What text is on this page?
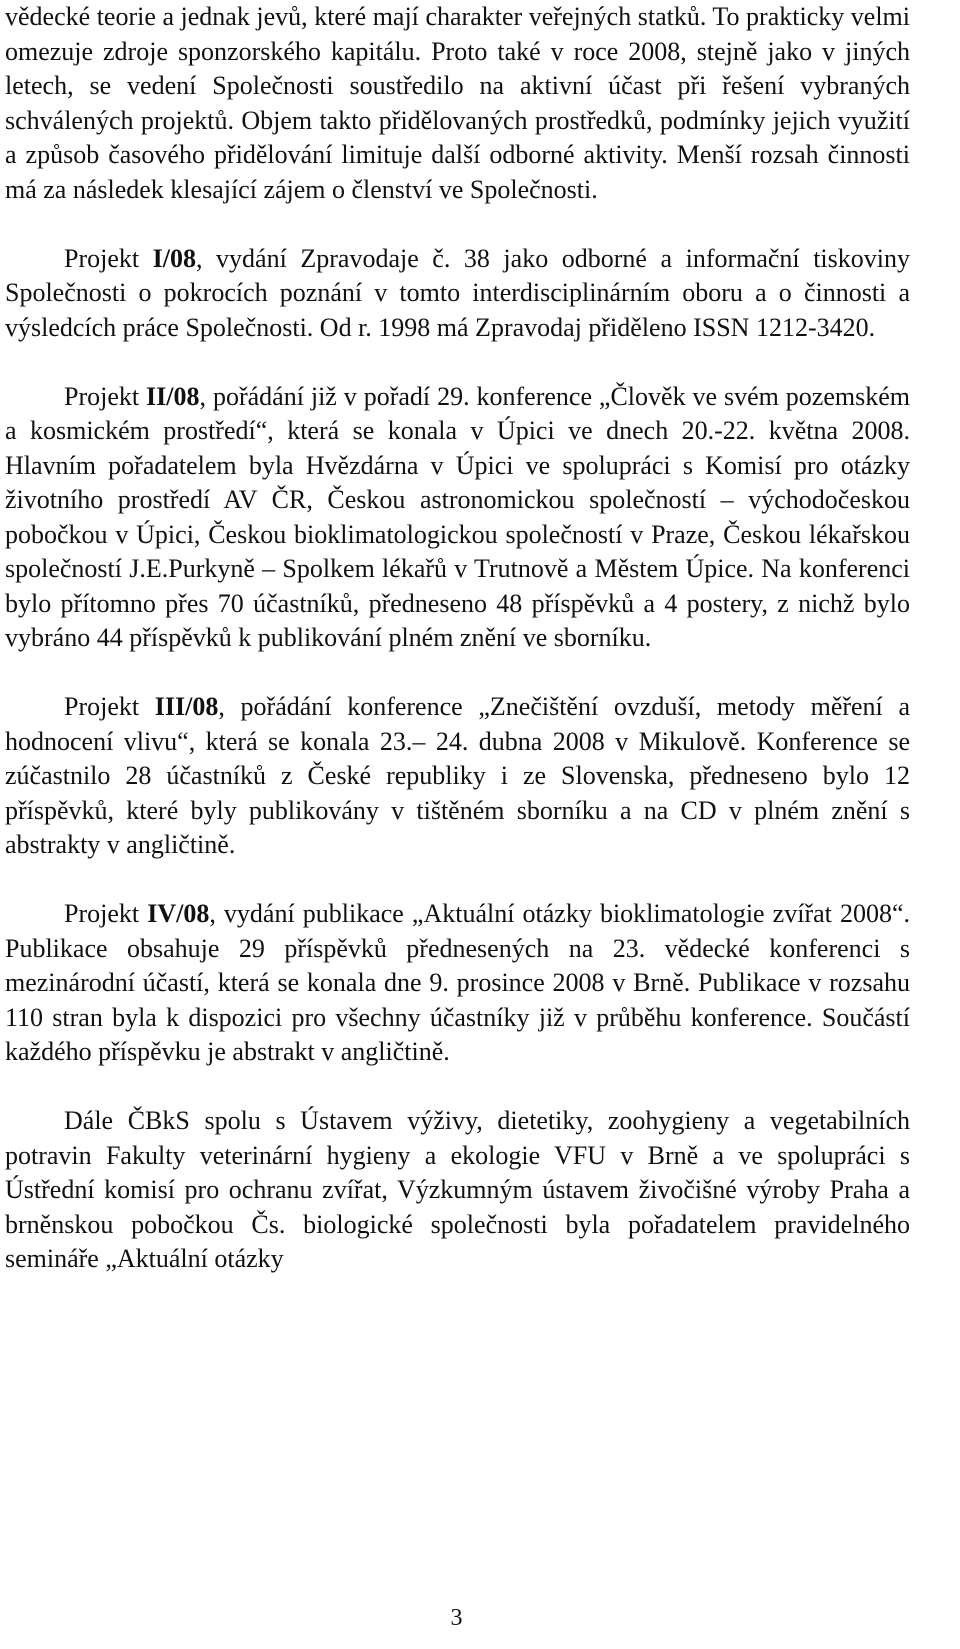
vědecké teorie a jednak jevů, které mají charakter veřejných statků. To prakticky velmi omezuje zdroje sponzorského kapitálu. Proto také v roce 2008, stejně jako v jiných letech, se vedení Společnosti soustředilo na aktivní účast při řešení vybraných schválených projektů. Objem takto přidělovaných prostředků, podmínky jejich využití a způsob časového přidělování limituje další odborné aktivity. Menší rozsah činnosti má za následek klesající zájem o členství ve Společnosti.

Projekt I/08, vydání Zpravodaje č. 38 jako odborné a informační tiskoviny Společnosti o pokrocích poznání v tomto interdisciplinárním oboru a o činnosti a výsledcích práce Společnosti. Od r. 1998 má Zpravodaj přiděleno ISSN 1212-3420.

Projekt II/08, pořádání již v pořadí 29. konference „Člověk ve svém pozemském a kosmickém prostředí“, která se konala v Úpici ve dnech 20.-22. května 2008. Hlavním pořadatelem byla Hvězdárna v Úpici ve spolupráci s Komisí pro otázky životního prostředí AV ČR, Českou astronomickou společností – východočeskou pobočkou v Úpici, Českou bioklimatologickou společností v Praze, Českou lékařskou společností J.E.Purkyně – Spolkem lékařů v Trutnově a Městem Úpice. Na konferenci bylo přítomno přes 70 účastníků, předneseno 48 příspěvků a 4 postery, z nichž bylo vybráno 44 příspěvků k publikování plném znění ve sborníku.

Projekt III/08, pořádání konference „Znečištění ovzduší, metody měření a hodnocení vlivu“, která se konala 23.– 24. dubna 2008 v Mikulově. Konference se zúčastnilo 28 účastníků z České republiky i ze Slovenska, předneseno bylo 12 příspěvků, které byly publikovány v tištěném sborníku a na CD v plném znění s abstrakty v angličtině.

Projekt IV/08, vydání publikace „Aktuální otázky bioklimatologie zvířat 2008“. Publikace obsahuje 29 příspěvků přednesených na 23. vědecké konferenci s mezinárodní účastí, která se konala dne 9. prosince 2008 v Brně. Publikace v rozsahu 110 stran byla k dispozici pro všechny účastníky již v průběhu konference. Součástí každého příspěvku je abstrakt v angličtině.

Dále ČBkS spolu s Ústavem výživy, dietetiky, zoohygieny a vegetabilních potravin Fakulty veterinární hygieny a ekologie VFU v Brně a ve spolupráci s Ústřední komisí pro ochranu zvířat, Výzkumným ústavem živočišné výroby Praha a brněnskou pobočkou Čs. biologické společnosti byla pořadatelem pravidelného semináře „Aktuální otázky

3
